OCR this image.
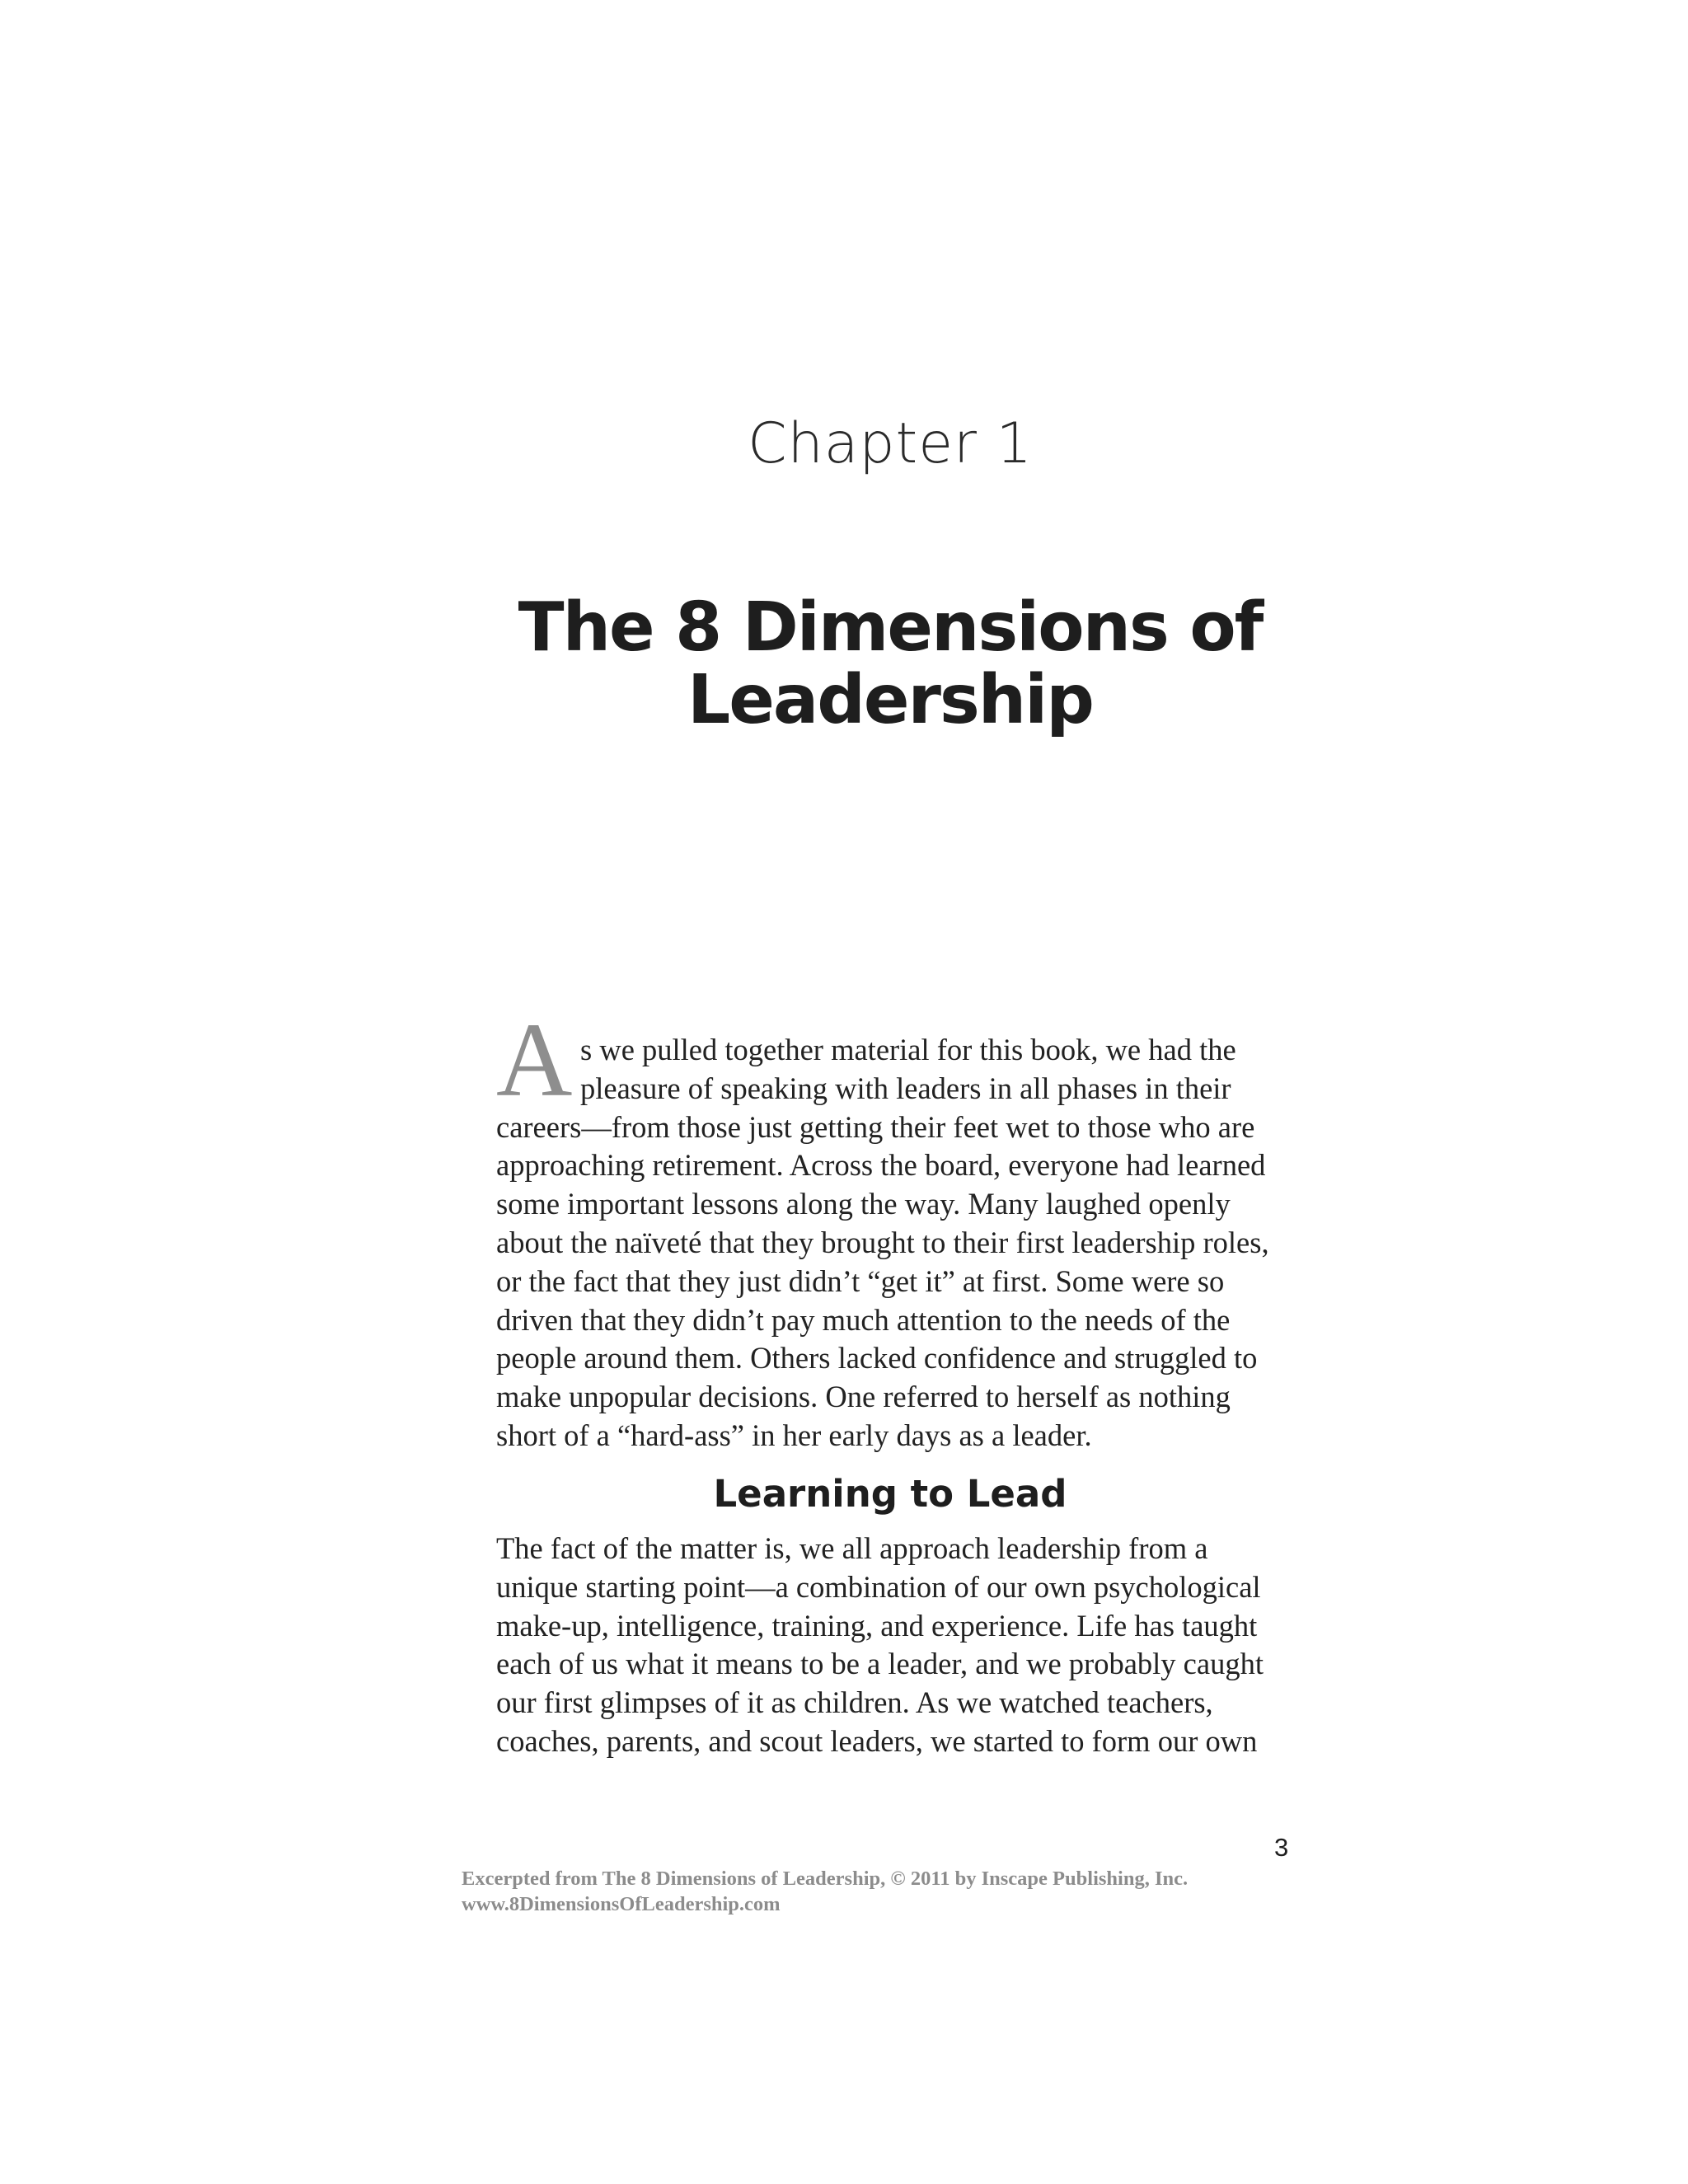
Chapter 1
The 8 Dimensions of
Leadership
A s we pulled together material for this book, we had the
pleasure of speaking with leaders in all phases in their
careers—from those just getting their feet wet to those who are
approaching retirement. Across the board, everyone had learned
some important lessons along the way. Many laughed openly
about the naïveté that they brought to their first leadership roles,
or the fact that they just didn’t “get it” at first. Some were so
driven that they didn’t pay much attention to the needs of the
people around them. Others lacked confidence and struggled to
make unpopular decisions. One referred to herself as nothing
short of a “hard-ass” in her early days as a leader.
Learning to Lead
The fact of the matter is, we all approach leadership from a
unique starting point—a combination of our own psychological
make-up, intelligence, training, and experience. Life has taught
each of us what it means to be a leader, and we probably caught
our first glimpses of it as children. As we watched teachers,
coaches, parents, and scout leaders, we started to form our own
3
Excerpted from The 8 Dimensions of Leadership, © 2011 by Inscape Publishing, Inc.
www.8DimensionsOfLeadership.com
